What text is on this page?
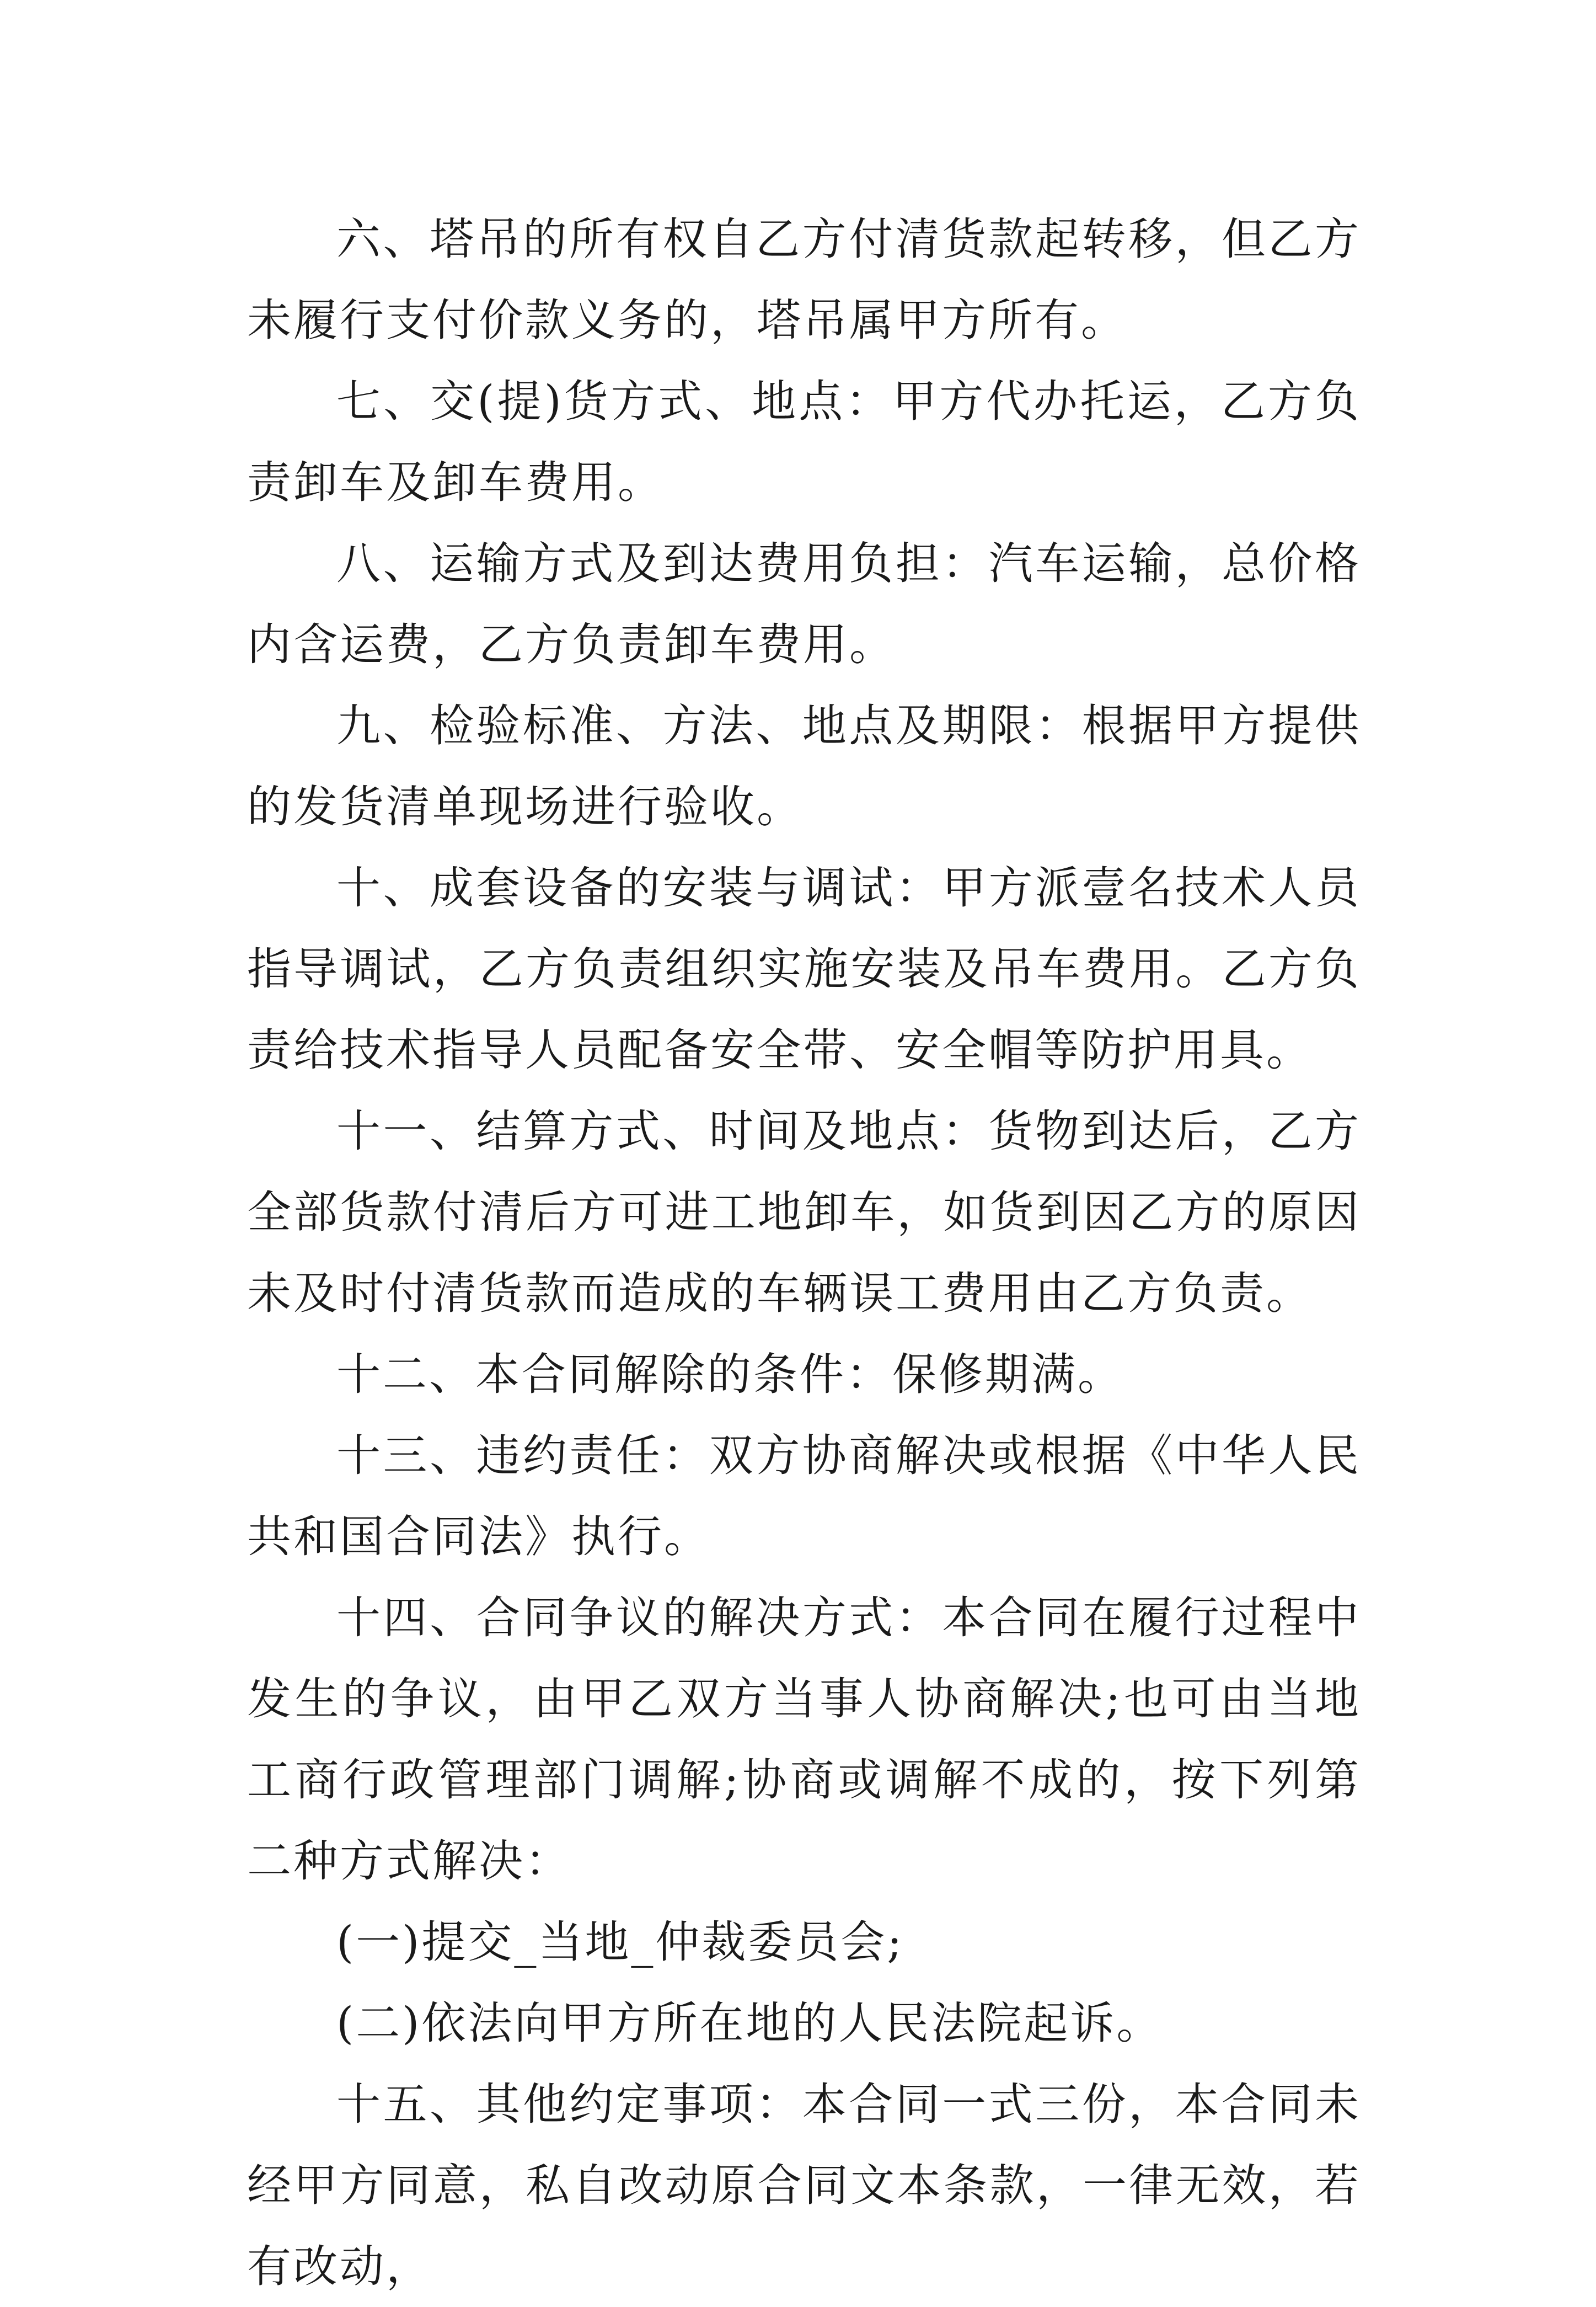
六、塔吊的所有权自乙方付清货款起转移，但乙方未履行支付价款义务的，塔吊属甲方所有。

七、交(提)货方式、地点：甲方代办托运，乙方负责卸车及卸车费用。

八、运输方式及到达费用负担：汽车运输，总价格内含运费，乙方负责卸车费用。

九、检验标准、方法、地点及期限：根据甲方提供的发货清单现场进行验收。

十、成套设备的安装与调试：甲方派壹名技术人员指导调试，乙方负责组织实施安装及吊车费用。乙方负责给技术指导人员配备安全带、安全帽等防护用具。

十一、结算方式、时间及地点：货物到达后，乙方全部货款付清后方可进工地卸车，如货到因乙方的原因未及时付清货款而造成的车辆误工费用由乙方负责。

十二、本合同解除的条件：保修期满。

十三、违约责任：双方协商解决或根据《中华人民共和国合同法》执行。

十四、合同争议的解决方式：本合同在履行过程中发生的争议，由甲乙双方当事人协商解决;也可由当地工商行政管理部门调解;协商或调解不成的，按下列第二种方式解决：

(一)提交_当地_仲裁委员会;

(二)依法向甲方所在地的人民法院起诉。

十五、其他约定事项：本合同一式三份，本合同未经甲方同意，私自改动原合同文本条款，一律无效，若有改动，
